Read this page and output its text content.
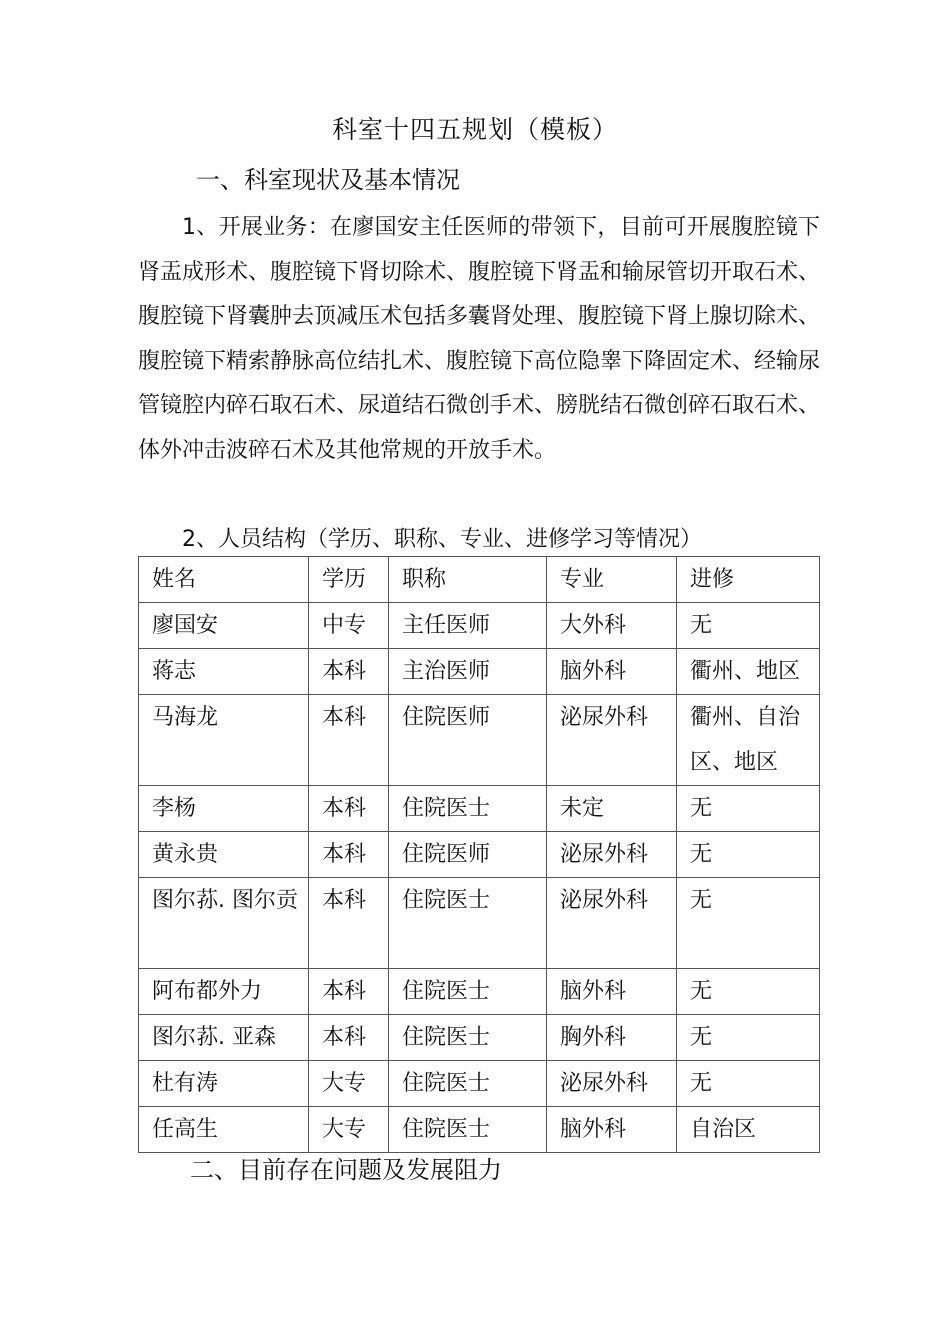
科室十四五规划（模板）
一、科室现状及基本情况
1、开展业务：在廖国安主任医师的带领下，目前可开展腹腔镜下肾盂成形术、腹腔镜下肾切除术、腹腔镜下肾盂和输尿管切开取石术、腹腔镜下肾囊肿去顶减压术包括多囊肾处理、腹腔镜下肾上腺切除术、腹腔镜下精索静脉高位结扎术、腹腔镜下高位隐睾下降固定术、经输尿管镜腔内碎石取石术、尿道结石微创手术、膀胱结石微创碎石取石术、体外冲击波碎石术及其他常规的开放手术。
2、人员结构（学历、职称、专业、进修学习等情况）
姓名	学历	职称	专业	进修
廖国安	中专	主任医师	大外科	无
蒋志	本科	主治医师	脑外科	衢州、地区
马海龙	本科	住院医师	泌尿外科	衢州、自治区、地区
李杨	本科	住院医士	未定	无
黄永贵	本科	住院医师	泌尿外科	无
图尔荪. 图尔贡	本科	住院医士	泌尿外科	无
阿布都外力	本科	住院医士	脑外科	无
图尔荪. 亚森	本科	住院医士	胸外科	无
杜有涛	大专	住院医士	泌尿外科	无
任高生	大专	住院医士	脑外科	自治区
二、目前存在问题及发展阻力
